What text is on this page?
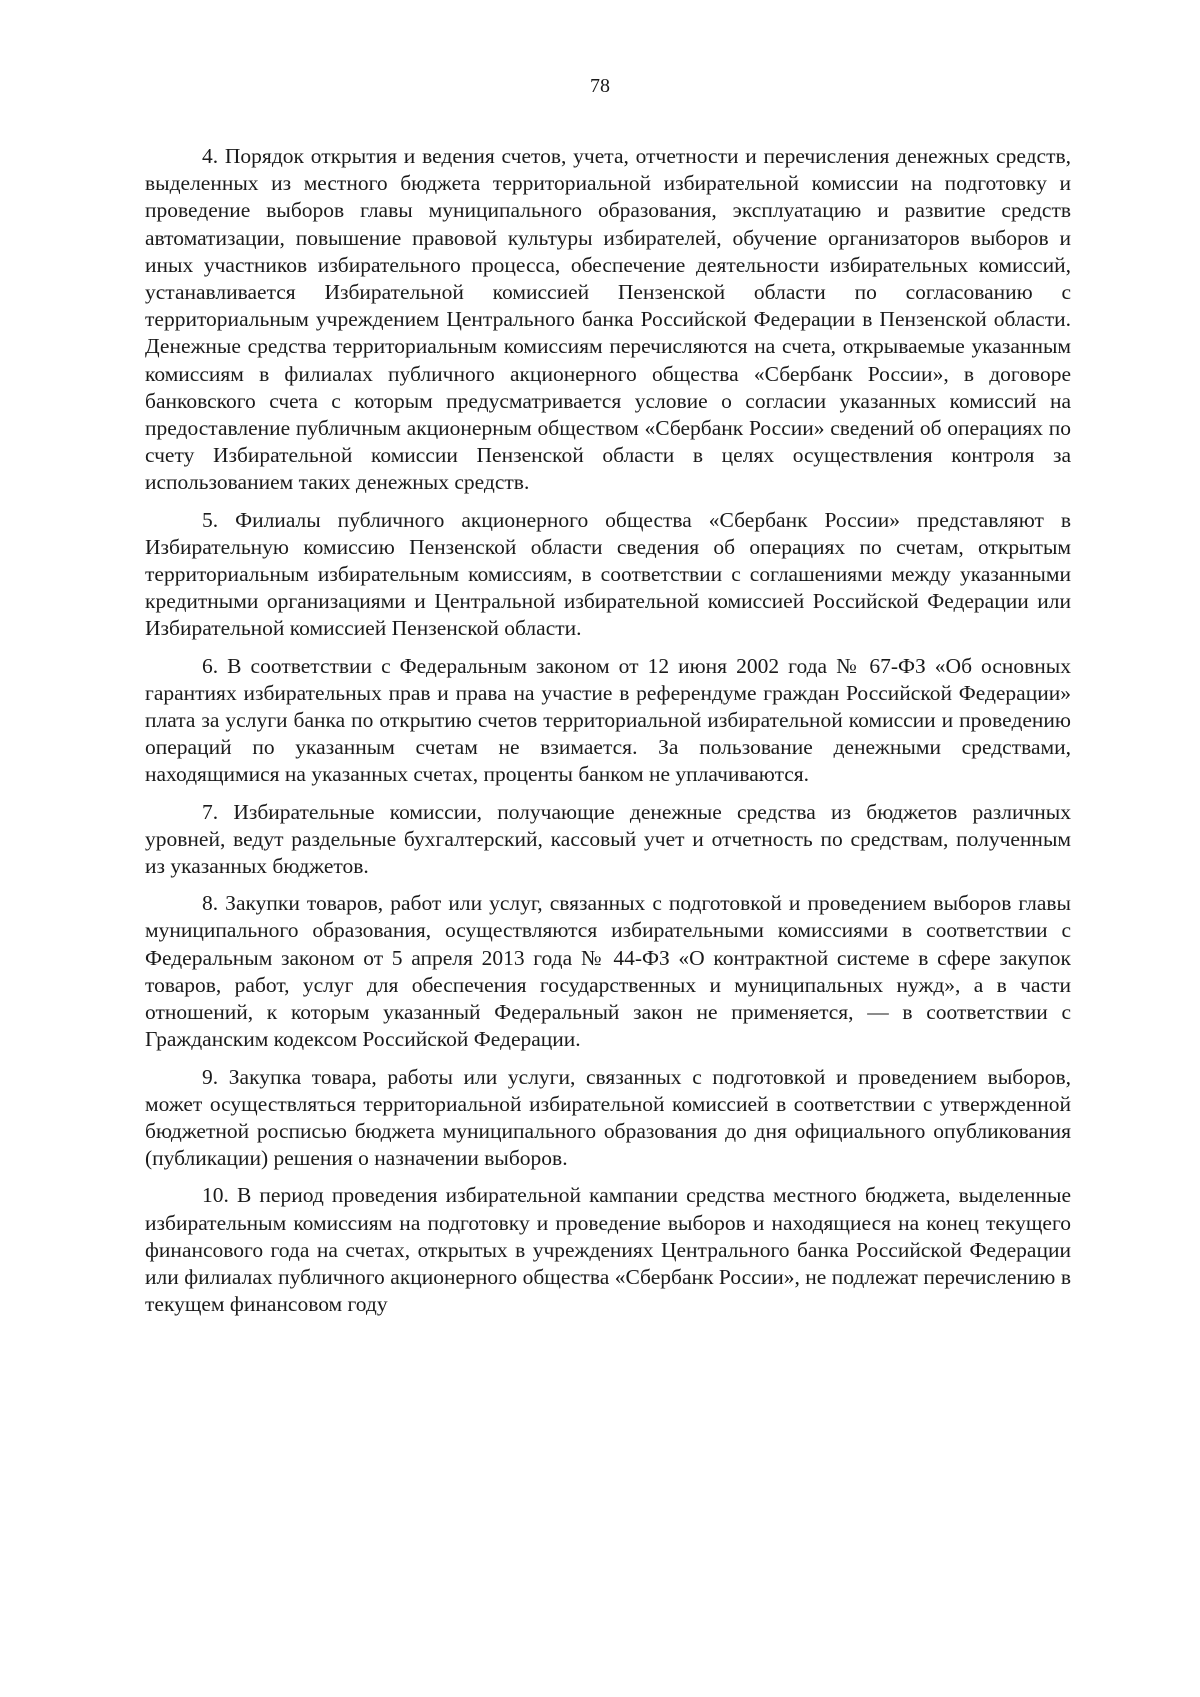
78

4. Порядок открытия и ведения счетов, учета, отчетности и перечисления денежных средств, выделенных из местного бюджета территориальной избирательной комиссии на подготовку и проведение выборов главы муниципального образования, эксплуатацию и развитие средств автоматизации, повышение правовой культуры избирателей, обучение организаторов выборов и иных участников избирательного процесса, обеспечение деятельности избирательных комиссий, устанавливается Избирательной комиссией Пензенской области по согласованию с территориальным учреждением Центрального банка Российской Федерации в Пензенской области. Денежные средства территориальным комиссиям перечисляются на счета, открываемые указанным комиссиям в филиалах публичного акционерного общества «Сбербанк России», в договоре банковского счета с которым предусматривается условие о согласии указанных комиссий на предоставление публичным акционерным обществом «Сбербанк России» сведений об операциях по счету Избирательной комиссии Пензенской области в целях осуществления контроля за использованием таких денежных средств.

5. Филиалы публичного акционерного общества «Сбербанк России» представляют в Избирательную комиссию Пензенской области сведения об операциях по счетам, открытым территориальным избирательным комиссиям, в соответствии с соглашениями между указанными кредитными организациями и Центральной избирательной комиссией Российской Федерации или Избирательной комиссией Пензенской области.

6. В соответствии с Федеральным законом от 12 июня 2002 года № 67-ФЗ «Об основных гарантиях избирательных прав и права на участие в референдуме граждан Российской Федерации» плата за услуги банка по открытию счетов территориальной избирательной комиссии и проведению операций по указанным счетам не взимается. За пользование денежными средствами, находящимися на указанных счетах, проценты банком не уплачиваются.

7. Избирательные комиссии, получающие денежные средства из бюджетов различных уровней, ведут раздельные бухгалтерский, кассовый учет и отчетность по средствам, полученным из указанных бюджетов.

8. Закупки товаров, работ или услуг, связанных с подготовкой и проведением выборов главы муниципального образования, осуществляются избирательными комиссиями в соответствии с Федеральным законом от 5 апреля 2013 года № 44-ФЗ «О контрактной системе в сфере закупок товаров, работ, услуг для обеспечения государственных и муниципальных нужд», а в части отношений, к которым указанный Федеральный закон не применяется, — в соответствии с Гражданским кодексом Российской Федерации.

9. Закупка товара, работы или услуги, связанных с подготовкой и проведением выборов, может осуществляться территориальной избирательной комиссией в соответствии с утвержденной бюджетной росписью бюджета муниципального образования до дня официального опубликования (публикации) решения о назначении выборов.

10. В период проведения избирательной кампании средства местного бюджета, выделенные избирательным комиссиям на подготовку и проведение выборов и находящиеся на конец текущего финансового года на счетах, открытых в учреждениях Центрального банка Российской Федерации или филиалах публичного акционерного общества «Сбербанк России», не подлежат перечислению в текущем финансовом году
